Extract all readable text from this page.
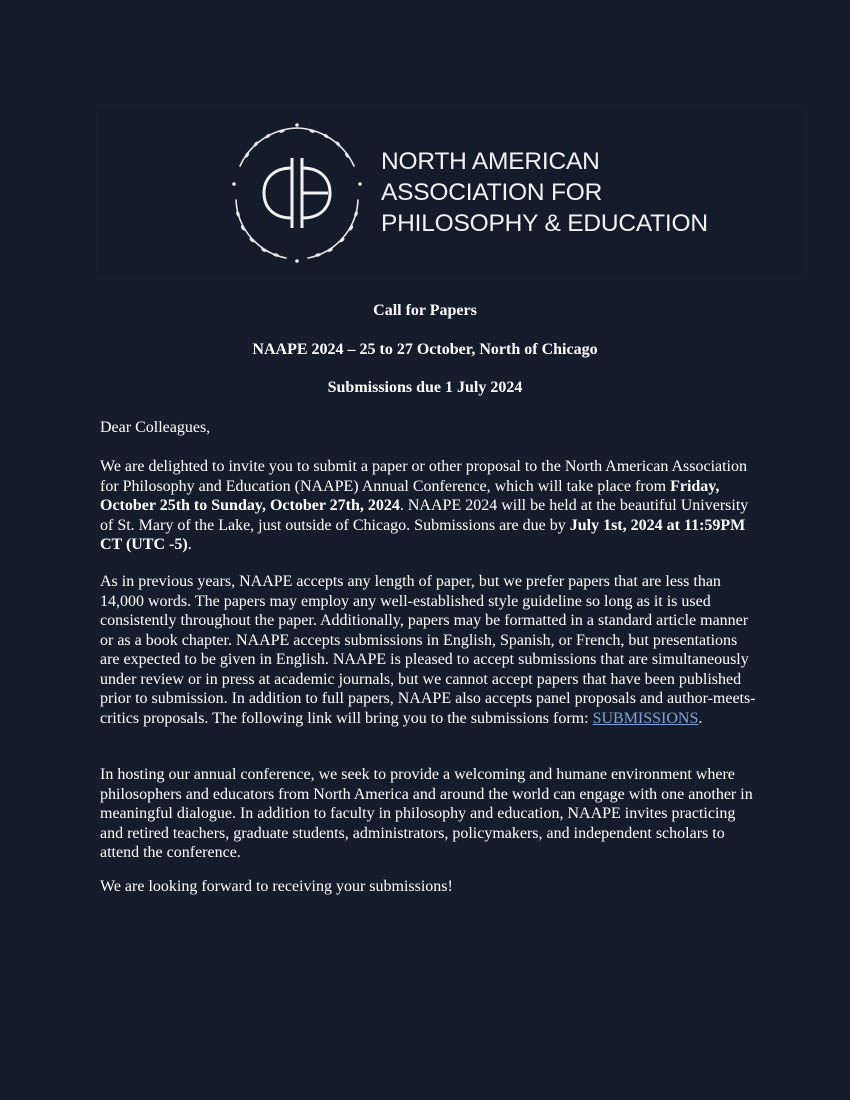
NORTH AMERICAN
ASSOCIATION FOR
PHILOSOPHY & EDUCATION
Call for Papers
NAAPE 2024 – 25 to 27 October, North of Chicago
Submissions due 1 July 2024

Dear Colleagues,

We are delighted to invite you to submit a paper or other proposal to the North American Association for Philosophy and Education (NAAPE) Annual Conference, which will take place from Friday, October 25th to Sunday, October 27th, 2024. NAAPE 2024 will be held at the beautiful University of St. Mary of the Lake, just outside of Chicago. Submissions are due by July 1st, 2024 at 11:59PM CT (UTC -5).

As in previous years, NAAPE accepts any length of paper, but we prefer papers that are less than 14,000 words. The papers may employ any well-established style guideline so long as it is used consistently throughout the paper. Additionally, papers may be formatted in a standard article manner or as a book chapter. NAAPE accepts submissions in English, Spanish, or French, but presentations are expected to be given in English. NAAPE is pleased to accept submissions that are simultaneously under review or in press at academic journals, but we cannot accept papers that have been published prior to submission. In addition to full papers, NAAPE also accepts panel proposals and author-meets-critics proposals. The following link will bring you to the submissions form: SUBMISSIONS.

In hosting our annual conference, we seek to provide a welcoming and humane environment where philosophers and educators from North America and around the world can engage with one another in meaningful dialogue. In addition to faculty in philosophy and education, NAAPE invites practicing and retired teachers, graduate students, administrators, policymakers, and independent scholars to attend the conference.

We are looking forward to receiving your submissions!
